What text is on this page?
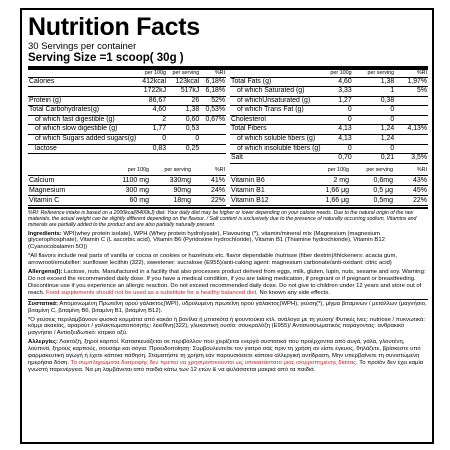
Nutrition Facts
30 Servings per container
Serving Size =1 scoop( 30g )
	per 100g	per serving	%RI
Calories	412kcal	123kcal	6,18%
	1722kJ	517kJ	6,18%
Protein (g)	86,67	26	52%
Total Carbohydrates(g)	4,60	1,38	0,53%
of which fast digestible (g)	2	0,60	0,67%
of which slow digestible (g)	1,77	0,53	
of which Sugars added sugars(g)	0	0	
lactose	0,83	0,25	
	per 100g	per serving	%RI
Total Fats (g)	4,60	1,38	1,97%
of which Saturated (g)	3,33	1	5%
of whichUnsaturated (g)	1,27	0,38	
of which Trans Fat (g)	0	0	
Cholesterol	0	0	
Total Fibers	4,13	1,24	4,13%
of which soluble fibers (g)	4,13	1,24	
of which insoluble fibers (g)	0	0	
Salt	0,70	0,21	3,5%
	per 100g	per serving	%RI
Calcium	1100 mg	330mg	41%
Magnesium	300 mg	90mg	24%
Vitamin C	60 mg	18mg	22%
	per 100g	per serving	%RI
Vitamin B6	2 mg	0,6mg	43%
Vitamin B1	1,66 μg	0,5 μg	45%
Vitamin B12	1,66 μg	0,5mg	22%
%RI: Reference intake is based on a 2000kcal(8400kJ) diet. Your daily diet may be higher or lower depending on your calorie needs. Due to the natural origin of the raw materials, the actual weight can be slightly different depending on the flavour. / Salt content is exclusively due to the presence of naturally occurring sodium. Vitamins and minerals are partially added to the product and are also partially naturally present.
Ingredients: WPI(whey protein isolate), WPH (Whey protein hydrolysate), Flavouring (*), vitamin/mineral mix (Magnesium (magnesium glycerophosphate), Vitamin C (L ascorbic acid), Vitamin B6 (Pyridoxine hydrochloride), Vitamin B1 (Thiamine hydrochloride), Vitamin B12 (Cyanocobalamin 5O))
*All flavors include real parts of vanilla or cocoa or cookies or hazelnuts etc. flavor dependable /nutrisse (fiber dextrin)/thickeners: acacia gum, arrowroot/emulsifier: sunflower lecithin (322), sweetener: sucralose (E955)/anti-caking agent: magnesium carbonate/anti-oxidant: citric acid)
Allergens(I): Lactose, nuts. Manufactured in a facility that also processes product derived from eggs, milk, gluten, lupin, nuts, sesame and soy. Warning: Do not exceed the recommended daily dose. If you have a medical condition, if you are taking medication, if pregnant or if pregnant or breastfeeding. Discontinue use if you experience an allergic reaction. Do not exceed recommended daily dose. Do not give to children under 12 years and store out of reach. Food supplements should not be used as a substitute for a healthy balanced diet. No known any side effects.
Συστατικά: Απομονωμένη Πρωτεΐνη ορού γάλακτος(WPI), υδρολυμένη πρωτεΐνη ορού γάλακτος(WPH), γεύση(*), μίγμα βιταμινών / μετάλλων (μαγνήσιο, βιταμίνη C, βιταμίνη B6, βιταμίνη B1, βιταμίνη B12).
*Ο γεύσεις περιλαμβάνουν φυσικά κομμάτια από κακάο ή βανίλια ή μπισκότα ή φουντούκια κτλ. ανάλογα με τη γεύση/ Φυτικές ίνες: nutriose / πυκνωτικά: κόμμι ακακίας, αραρούτ / γαλακτωματοποιητής: λεκιθίνη(322), γλυκαντική ουσία: σουκραλόζη (E955)/ Αντισυσσωματικός παράγοντας: ανθρακικό μαγνήσιο / Αντιοξειδωτικό: κιτρικό οξύ.
Αλλεργίες: Λακτόζη, ξηροί καρποί. Κατασκευάζεται σε περιβάλλον που χειρίζεται ενεργά συστατικά που προέρχονται από αυγά, γάλα, γλουτένη, λούπινα, ξηρούς καρπούς, σουσάμι και σόγια. Προειδοποίηση: Συμβουλευτείτε τον γιατρό σας πριν τη χρήση αν είστε έγκυος, θηλάζετε, βρίσκεστε υπό φαρμακευτική αγωγή ή έχετε κάποια πάθηση. Σταματήστε τη χρήση εάν παρουσιάσετε κάποια αλλεργική αντίδραση. Μην υπερβαίνετε τη συνιστώμενη ημερήσια δόση. Τα συμπληρώματα διατροφής δεν πρέπει να χρησιμοποιούνται ως υποκατάστατο μιας ισορροπημένης δίαιτας. Το προϊόν δεν έχει καμία γνωστή παρενέργεια. Να μη λαμβάνεται από παιδιά κάτω των 12 ετών & να φυλάσσεται μακριά από τα παιδιά.
